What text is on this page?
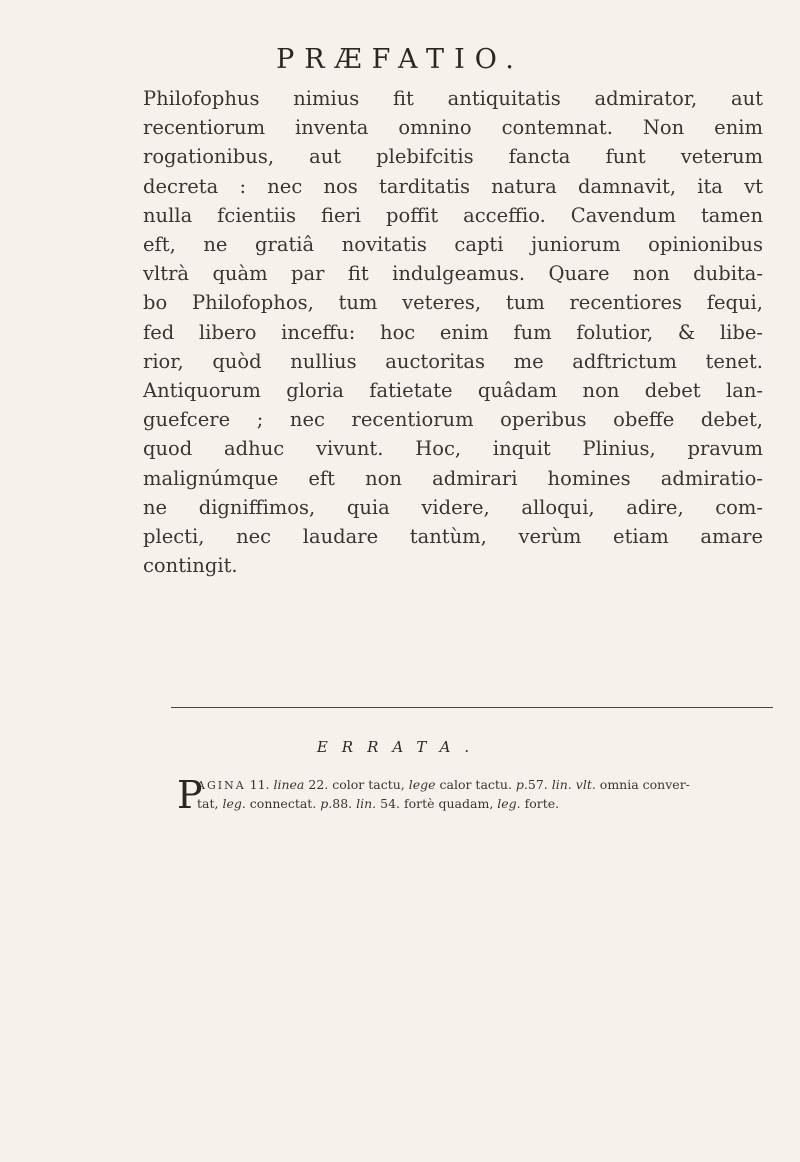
PRÆFATIO.
Philofophus nimius fit antiquitatis admirator, aut
recentiorum inventa omnino contemnat. Non enim
rogationibus, aut plebifcitis fancta funt veterum
decreta : nec nos tarditatis natura damnavit, ita vt
nulla fcientiis fieri poffit acceffio. Cavendum tamen
eft, ne gratiâ novitatis capti juniorum opinionibus
vltrà quàm par fit indulgeamus. Quare non dubita-
bo Philofophos, tum veteres, tum recentiores fequi,
fed libero inceffu: hoc enim fum folutior, & libe-
rior, quòd nullius auctoritas me adftrictum tenet.
Antiquorum gloria fatietate quâdam non debet lan-
guefcere ; nec recentiorum operibus obeffe debet,
quod adhuc vivunt. Hoc, inquit Plinius, pravum
malignúmque eft non admirari homines admiratio-
ne digniffimos, quia videre, alloqui, adire, com-
plecti, nec laudare tantùm, verùm etiam amare
contingit.
ERRATA.
P
AGINA 11. linea 22. color tactu, lege calor tactu. p.57. lin. vlt. omnia conver-
tat, leg. connectat. p.88. lin. 54. fortè quadam, leg. forte.
